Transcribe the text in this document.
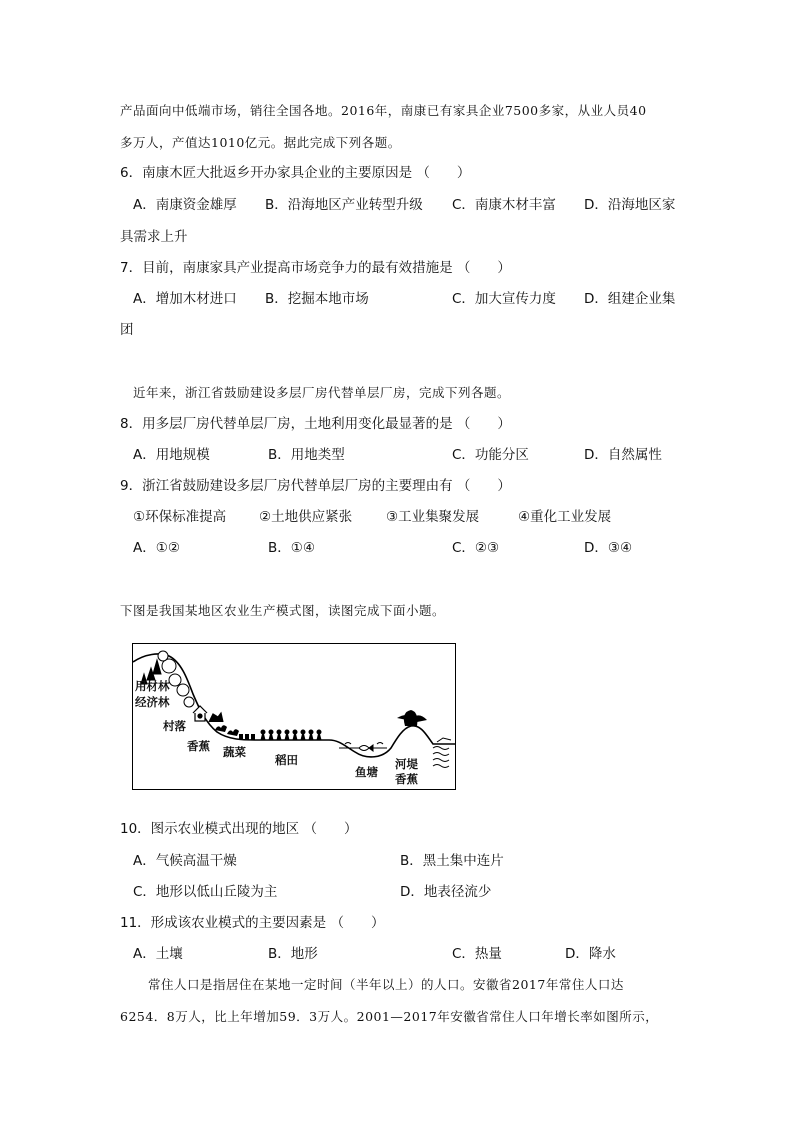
产品面向中低端市场，销往全国各地。2016年，南康已有家具企业7500多家，从业人员40
多万人，产值达1010亿元。据此完成下列各题。
6．南康木匠大批返乡开办家具企业的主要原因是 （　　）
A．南康资金雄厚 B．沿海地区产业转型升级 C．南康木材丰富 D．沿海地区家
具需求上升
7．目前，南康家具产业提高市场竞争力的最有效措施是 （　　）
A．增加木材进口 B．挖掘本地市场	C．加大宣传力度 D．组建企业集
团
近年来，浙江省鼓励建设多层厂房代替单层厂房，完成下列各题。
8．用多层厂房代替单层厂房，土地利用变化最显著的是 （　　）
A．用地规模	B．用地类型	C．功能分区	D．自然属性
9．浙江省鼓励建设多层厂房代替单层厂房的主要理由有 （　　）
①环保标准提高 ②土地供应紧张	③工业集聚发展	④重化工业发展
A．①②	B．①④	C．②③	D．③④
下图是我国某地区农业生产模式图，读图完成下面小题。
用材林
经济林
村落
香蕉 蔬菜
稻田
鱼塘
河堤
香蕉
10．图示农业模式出现的地区 （　　）
A．气候高温干燥	B．黑土集中连片
C．地形以低山丘陵为主	D．地表径流少
11．形成该农业模式的主要因素是 （　　）
A．土壤	B．地形	C．热量	D．降水
常住人口是指居住在某地一定时间（半年以上）的人口。安徽省2017年常住人口达
6254．8万人，比上年增加59．3万人。2001—2017年安徽省常住人口年增长率如图所示，
